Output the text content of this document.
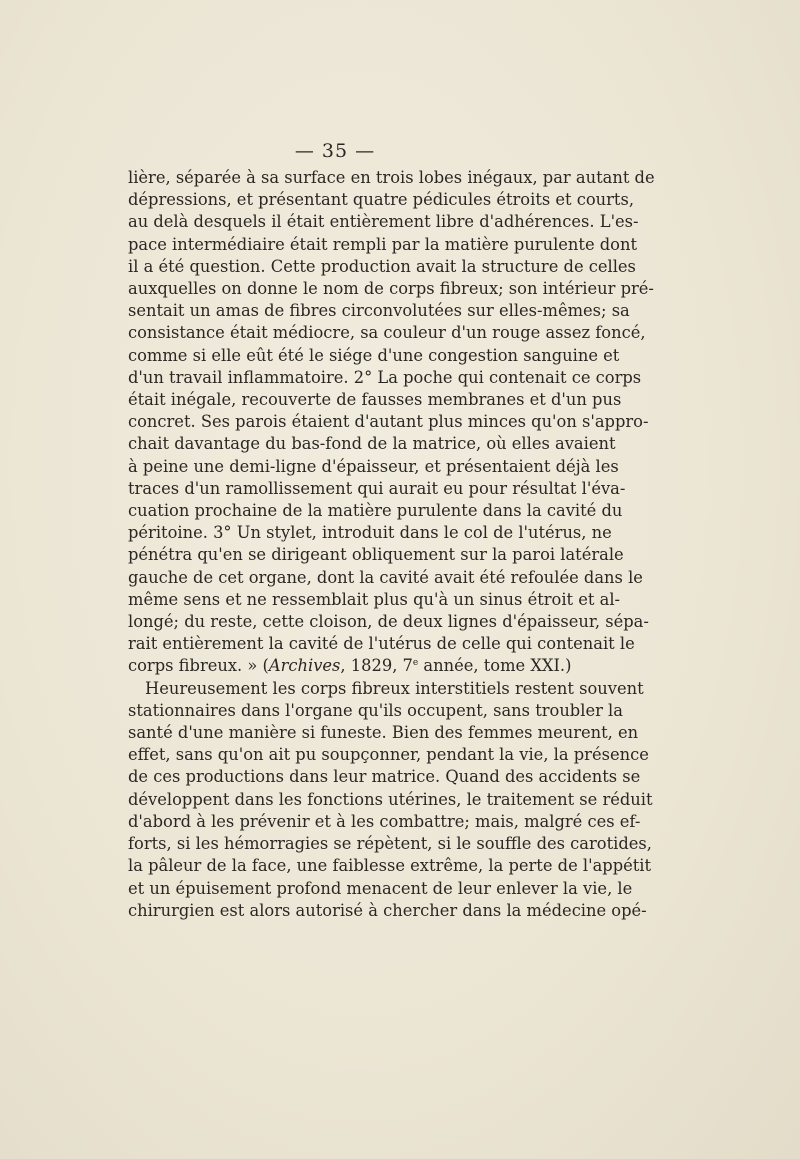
— 35 —
lière, séparée à sa surface en trois lobes inégaux, par autant de
dépressions, et présentant quatre pédicules étroits et courts,
au delà desquels il était entièrement libre d'adhérences. L'es-
pace intermédiaire était rempli par la matière purulente dont
il a été question. Cette production avait la structure de celles
auxquelles on donne le nom de corps fibreux; son intérieur pré-
sentait un amas de fibres circonvolutées sur elles-mêmes; sa
consistance était médiocre, sa couleur d'un rouge assez foncé,
comme si elle eût été le siége d'une congestion sanguine et
d'un travail inflammatoire. 2° La poche qui contenait ce corps
était inégale, recouverte de fausses membranes et d'un pus
concret. Ses parois étaient d'autant plus minces qu'on s'appro-
chait davantage du bas-fond de la matrice, où elles avaient
à peine une demi-ligne d'épaisseur, et présentaient déjà les
traces d'un ramollissement qui aurait eu pour résultat l'éva-
cuation prochaine de la matière purulente dans la cavité du
péritoine. 3° Un stylet, introduit dans le col de l'utérus, ne
pénétra qu'en se dirigeant obliquement sur la paroi latérale
gauche de cet organe, dont la cavité avait été refoulée dans le
même sens et ne ressemblait plus qu'à un sinus étroit et al-
longé; du reste, cette cloison, de deux lignes d'épaisseur, sépa-
rait entièrement la cavité de l'utérus de celle qui contenait le
corps fibreux. » (Archives, 1829, 7e année, tome XXI.)
Heureusement les corps fibreux interstitiels restent souvent
stationnaires dans l'organe qu'ils occupent, sans troubler la
santé d'une manière si funeste. Bien des femmes meurent, en
effet, sans qu'on ait pu soupçonner, pendant la vie, la présence
de ces productions dans leur matrice. Quand des accidents se
développent dans les fonctions utérines, le traitement se réduit
d'abord à les prévenir et à les combattre; mais, malgré ces ef-
forts, si les hémorragies se répètent, si le souffle des carotides,
la pâleur de la face, une faiblesse extrême, la perte de l'appétit
et un épuisement profond menacent de leur enlever la vie, le
chirurgien est alors autorisé à chercher dans la médecine opé-
